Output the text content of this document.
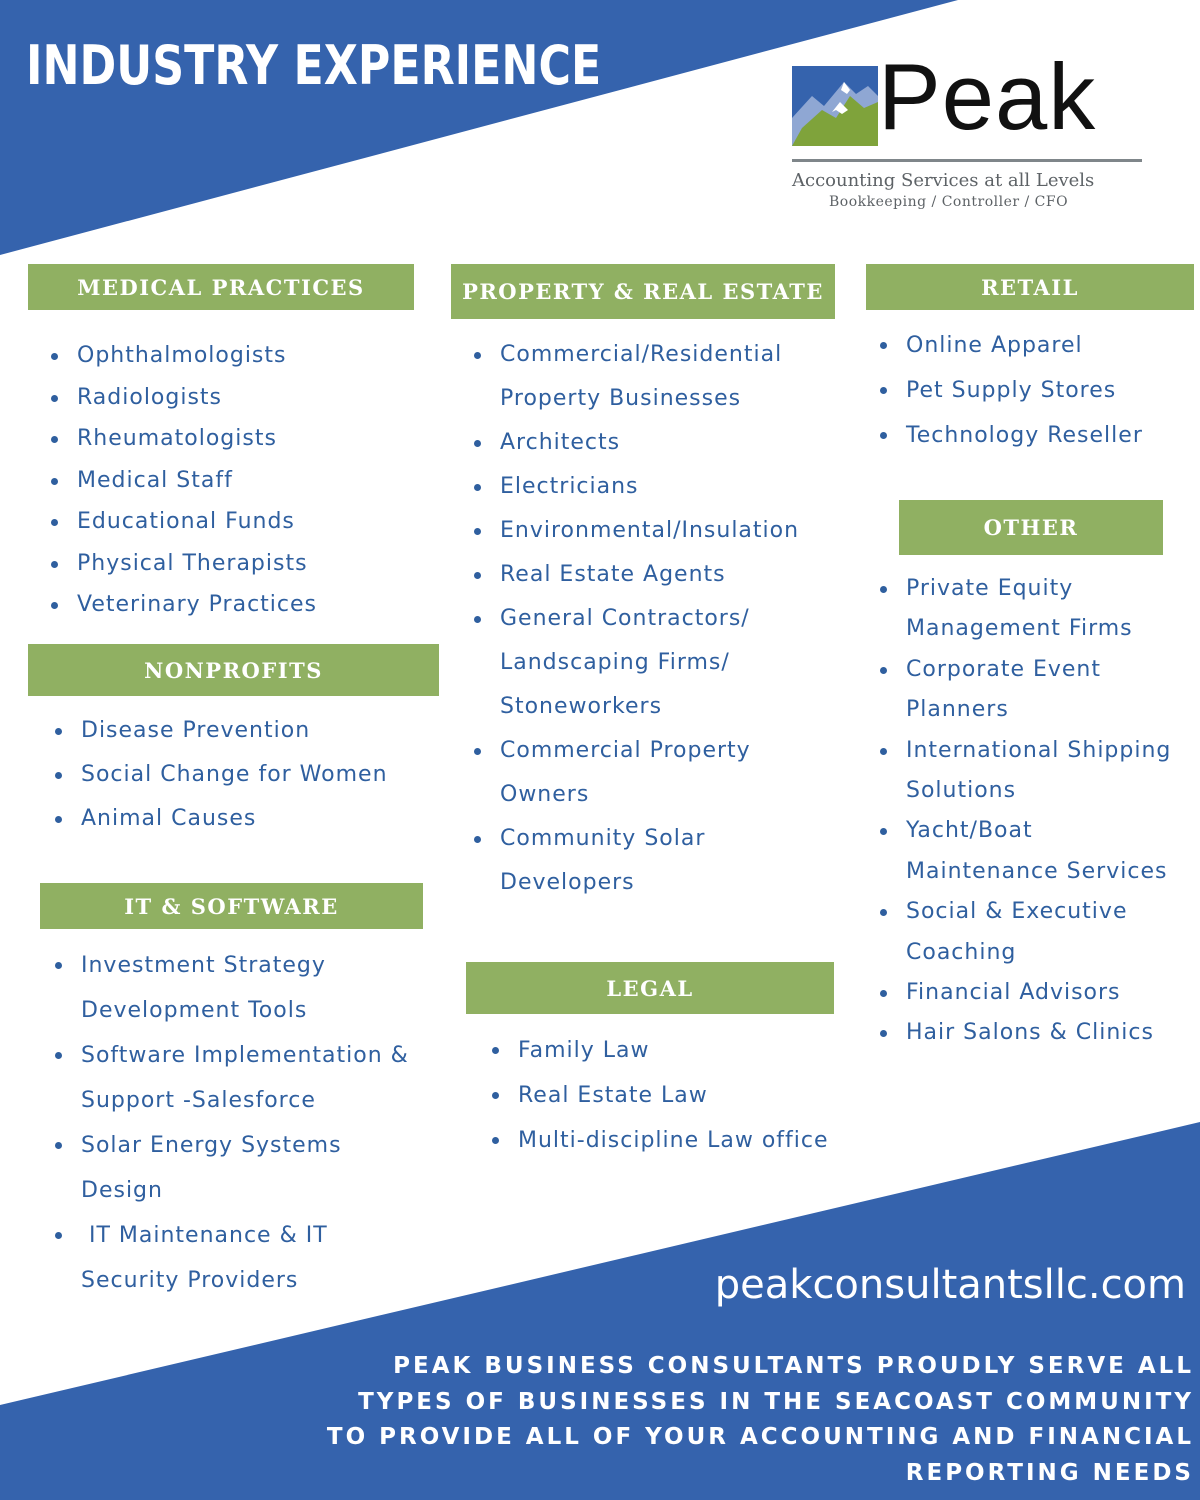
INDUSTRY EXPERIENCE	Peak
Accounting Services at all Levels
Bookkeeping / Controller / CFO
MEDICAL PRACTICES
Ophthalmologists
Radiologists
Rheumatologists
Medical Staff
Educational Funds
Physical Therapists
Veterinary Practices
NONPROFITS
Disease Prevention
Social Change for Women
Animal Causes
IT & SOFTWARE
Investment Strategy
Development Tools
Software Implementation &
Support -Salesforce
Solar Energy Systems
Design
IT Maintenance & IT
Security Providers
PROPERTY & REAL ESTATE
Commercial/Residential
Property Businesses
Architects
Electricians
Environmental/Insulation
Real Estate Agents
General Contractors/
Landscaping Firms/
Stoneworkers
Commercial Property
Owners
Community Solar
Developers
LEGAL
Family Law
Real Estate Law
Multi-discipline Law office
RETAIL
Online Apparel
Pet Supply Stores
Technology Reseller
OTHER
Private Equity
Management Firms
Corporate Event
Planners
International Shipping
Solutions
Yacht/Boat
Maintenance Services
Social & Executive
Coaching
Financial Advisors
Hair Salons & Clinics
peakconsultantsllc.com
PEAK BUSINESS CONSULTANTS PROUDLY SERVE ALL
TYPES OF BUSINESSES IN THE SEACOAST COMMUNITY
TO PROVIDE ALL OF YOUR ACCOUNTING AND FINANCIAL
REPORTING NEEDS
